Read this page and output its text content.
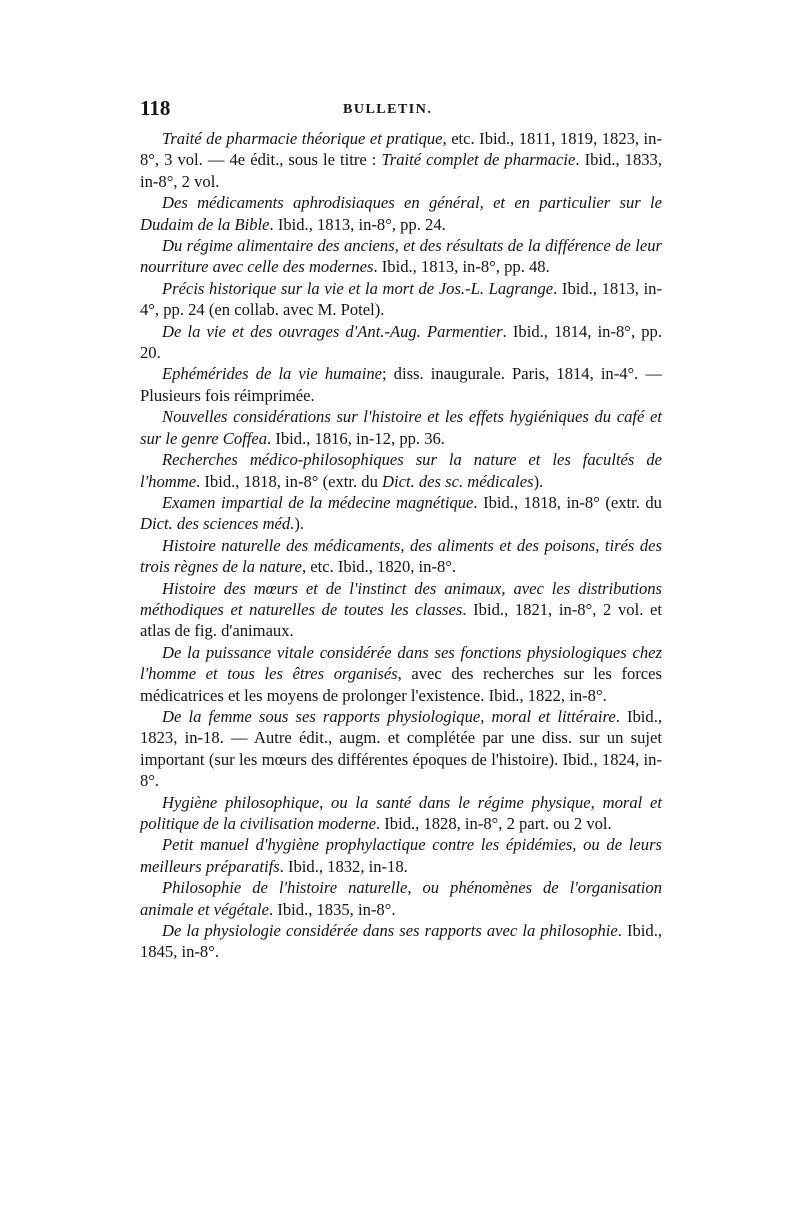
118	BULLETIN.

Traité de pharmacie théorique et pratique, etc. Ibid., 1811, 1819, 1823, in-8°, 3 vol. — 4e édit., sous le titre : Traité complet de pharmacie. Ibid., 1833, in-8°, 2 vol.

Des médicaments aphrodisiaques en général, et en particulier sur le Dudaim de la Bible. Ibid., 1813, in-8°, pp. 24.

Du régime alimentaire des anciens, et des résultats de la différence de leur nourriture avec celle des modernes. Ibid., 1813, in-8°, pp. 48.

Précis historique sur la vie et la mort de Jos.-L. Lagrange. Ibid., 1813, in-4°, pp. 24 (en collab. avec M. Potel).

De la vie et des ouvrages d'Ant.-Aug. Parmentier. Ibid., 1814, in-8°, pp. 20.

Ephémérides de la vie humaine; diss. inaugurale. Paris, 1814, in-4°. — Plusieurs fois réimprimée.

Nouvelles considérations sur l'histoire et les effets hygiéniques du café et sur le genre Coffea. Ibid., 1816, in-12, pp. 36.

Recherches médico-philosophiques sur la nature et les facultés de l'homme. Ibid., 1818, in-8° (extr. du Dict. des sc. médicales).

Examen impartial de la médecine magnétique. Ibid., 1818, in-8° (extr. du Dict. des sciences méd.).

Histoire naturelle des médicaments, des aliments et des poisons, tirés des trois règnes de la nature, etc. Ibid., 1820, in-8°.

Histoire des mœurs et de l'instinct des animaux, avec les distributions méthodiques et naturelles de toutes les classes. Ibid., 1821, in-8°, 2 vol. et atlas de fig. d'animaux.

De la puissance vitale considérée dans ses fonctions physiologiques chez l'homme et tous les êtres organisés, avec des recherches sur les forces médicatrices et les moyens de prolonger l'existence. Ibid., 1822, in-8°.

De la femme sous ses rapports physiologique, moral et littéraire. Ibid., 1823, in-18. — Autre édit., augm. et complétée par une diss. sur un sujet important (sur les mœurs des différentes époques de l'histoire). Ibid., 1824, in-8°.

Hygiène philosophique, ou la santé dans le régime physique, moral et politique de la civilisation moderne. Ibid., 1828, in-8°, 2 part. ou 2 vol.

Petit manuel d'hygiène prophylactique contre les épidémies, ou de leurs meilleurs préparatifs. Ibid., 1832, in-18.

Philosophie de l'histoire naturelle, ou phénomènes de l'organisation animale et végétale. Ibid., 1835, in-8°.

De la physiologie considérée dans ses rapports avec la philosophie. Ibid., 1845, in-8°.
